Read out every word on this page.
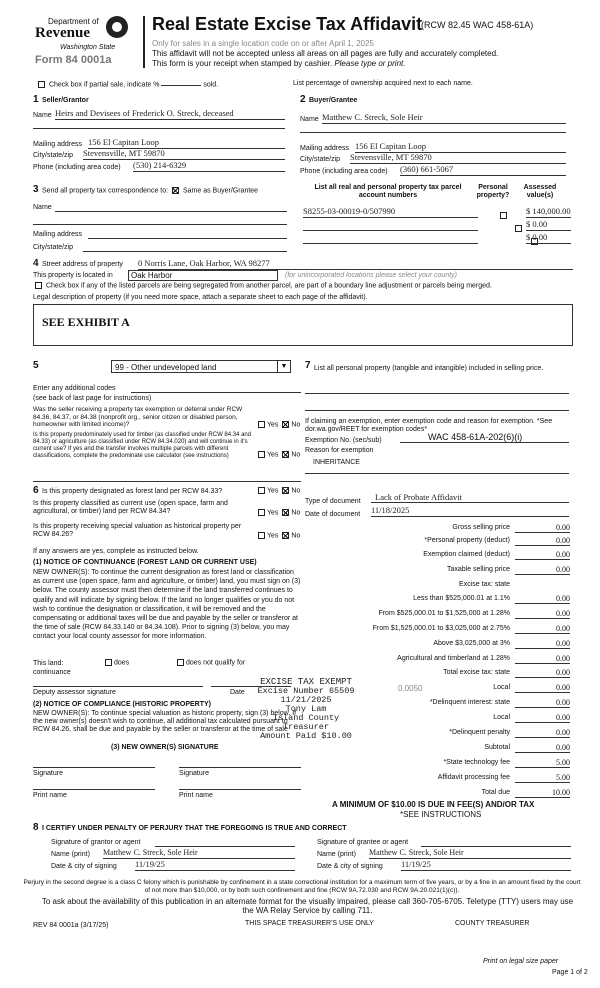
Department of
Revenue
Washington State
Form 84 0001a
Real Estate Excise Tax Affidavit
(RCW 82.45 WAC 458-61A)
Only for sales in a single location code on or after April 1, 2025
This affidavit will not be accepted unless all areas on all pages are fully and accurately completed.
This form is your receipt when stamped by cashier. Please type or print.
Check box if partial sale, indicate %	sold.	List percentage of ownership acquired next to each name.
1 Seller/Grantor
Name Heirs and Devisees of Frederick O. Streck, deceased
Mailing address 156 El Capitan Loop
City/state/zip Stevensville, MT 59870
Phone (including area code) (530) 214-6329
2 Buyer/Grantee
Name Matthew C. Streck, Sole Heir
Mailing address 156 El Capitan Loop
City/state/zip Stevensville, MT 59870
Phone (including area code) (360) 661-5067
3 Send all property tax correspondence to: Same as Buyer/Grantee
Name
Mailing address
City/state/zip
List all real and personal property tax parcel account numbers
Personal property?
Assessed value(s)
S8255-03-00019-0/507990
	$ 140,000.00

$ 0.00
$ 0.00
4 Street address of property 0 Norris Lane, Oak Harbor, WA 98277
This property is located in	Oak Harbor	(for unincorporated locations please select your county)
Check box if any of the listed parcels are being segregated from another parcel, are part of a boundary line adjustment or parcels being merged.
Legal description of property (if you need more space, attach a separate sheet to each page of the affidavit).
SEE EXHIBIT A
5	99 - Other undeveloped land	▼
Enter any additional codes
(see back of last page for instructions)
Was the seller receiving a property tax exemption or deferral under RCW 84.36, 84.37, or 84.38 (nonprofit org., senior citizen or disabled person, homeowner with limited income)?	Yes No
Is this property predominately used for timber (as classified under RCW 84.34 and 84.33) or agriculture (as classified under RCW 84.34.020) and will continue in it's current use? If yes and the transfer involves multiple parcels with different classifications, complete the predominate use calculator (see instructions)	Yes No
6 Is this property designated as forest land per RCW 84.33?	Yes No
Is this property classified as current use (open space, farm and agricultural, or timber) land per RCW 84.34?	Yes No
Is this property receiving special valuation as historical property per RCW 84.26?	Yes No
If any answers are yes, complete as instructed below.
(1) NOTICE OF CONTINUANCE (FOREST LAND OR CURRENT USE)
NEW OWNER(S): To continue the current designation as forest land or classification as current use (open space, farm and agriculture, or timber) land, you must sign on (3) below. The county assessor must then determine if the land transferred continues to qualify and will indicate by signing below. If the land no longer qualifies or you do not wish to continue the designation or classification, it will be removed and the compensating or additional taxes will be due and payable by the seller or transferor at the time of sale (RCW 84.33.140 or 84.34.108). Prior to signing (3) below, you may contact your local county assessor for more information.
This land:
continuance
does	does not qualify for
Deputy assessor signature	Date
(2) NOTICE OF COMPLIANCE (HISTORIC PROPERTY)
NEW OWNER(S): To continue special valuation as historic property, sign (3) below. If the new owner(s) doesn't wish to continue, all additional tax calculated pursuant to RCW 84.26, shall be due and payable by the seller or transferor at the time of sale
(3) NEW OWNER(S) SIGNATURE
Signature	Signature
Print name	Print name
7 List all personal property (tangible and intangible) included in selling price.
If claiming an exemption, enter exemption code and reason for exemption. *See dor.wa.gov/REET for exemption codes*
Exemption No. (sec/sub)	WAC 458-61A-202(6)(i)
Reason for exemption
INHERITANCE
Type of document	Lack of Probate Affidavit
Date of document 11/18/2025
Gross selling price	0.00
*Personal property (deduct)	0.00
Exemption claimed (deduct)	0.00
Taxable selling price	0.00
Excise tax: state
Less than $525,000.01 at 1.1%	0.00
From $525,000.01 to $1,525,000 at 1.28%	0.00
From $1,525,000.01 to $3,025,000 at 2.75%	0.00
Above $3,025,000 at 3%	0.00
Agricultural and timberland at 1.28%	0.00
Total excise tax: state	0.00
Local	0.00
0.0050
*Delinquent interest: state	0.00
Local	0.00
*Delinquent penalty	0.00
Subtotal	0.00
*State technology fee	5.00
Affidavit processing fee	5.00
Total due	10.00
EXCISE TAX EXEMPT
Excise Number 65509
11/21/2025
Tony Lam
Island County Treasurer
Amount Paid $10.00
A MINIMUM OF $10.00 IS DUE IN FEE(S) AND/OR TAX
*SEE INSTRUCTIONS
8 I CERTIFY UNDER PENALTY OF PERJURY THAT THE FOREGOING IS TRUE AND CORRECT
Signature of grantor or agent
Name (print) Matthew C. Streck, Sole Heir
Date & city of signing 11/19/25
Signature of grantee or agent
Name (print) Matthew C. Streck, Sole Heir
Date & city of signing 11/19/25
Perjury in the second degree is a class C felony which is punishable by confinement in a state correctional institution for a maximum term of five years, or by a fine in an amount fixed by the court of not more than $10,000, or by both such confinement and fine (RCW 9A.72.030 and RCW 9A.20.021(1)(c)).
To ask about the availability of this publication in an alternate format for the visually impaired, please call 360-705-6705. Teletype (TTY) users may use the WA Relay Service by calling 711.
REV 84 0001a (3/17/25)	THIS SPACE TREASURER'S USE ONLY	COUNTY TREASURER
Print on legal size paper
Page 1 of 2
